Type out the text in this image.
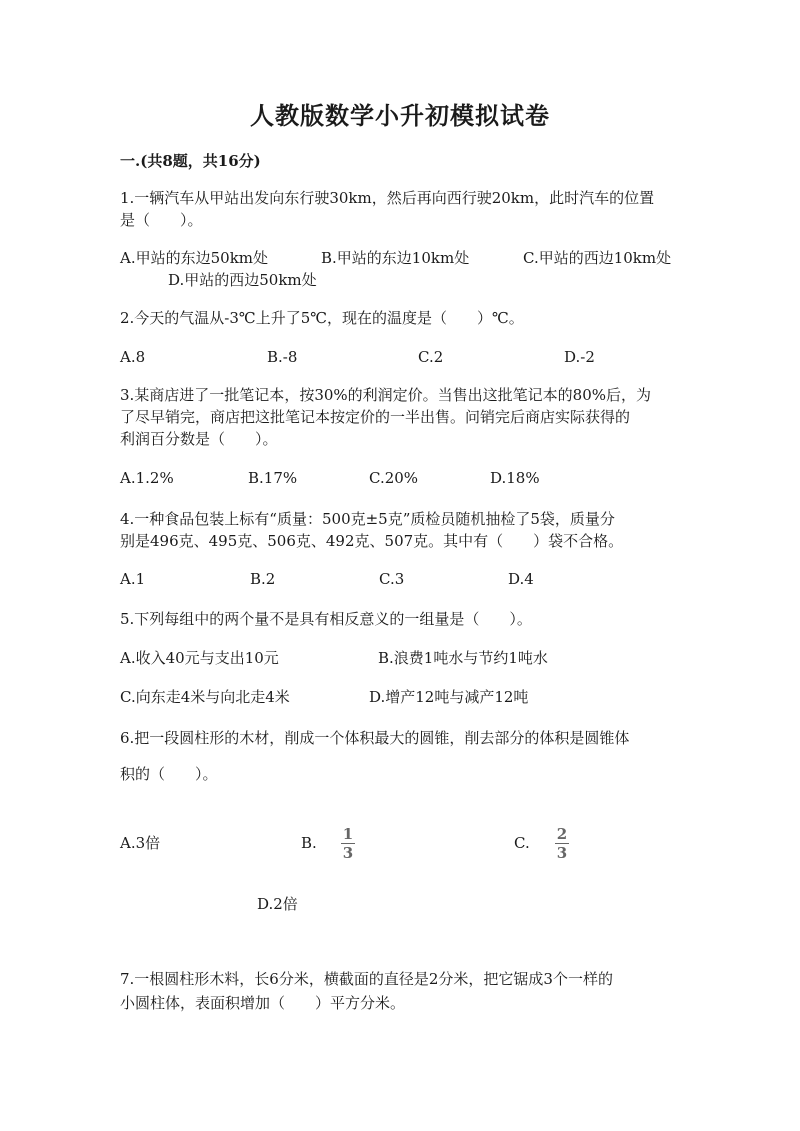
人教版数学小升初模拟试卷
一.(共8题，共16分)
1.一辆汽车从甲站出发向东行驶30km，然后再向西行驶20km，此时汽车的位置
是（　　）。
A.甲站的东边50km处	B.甲站的东边10km处	C.甲站的西边10km处
D.甲站的西边50km处
2.今天的气温从-3℃上升了5℃，现在的温度是（　　）℃。
A.8	B.-8	C.2	D.-2
3.某商店进了一批笔记本，按30%的利润定价。当售出这批笔记本的80%后，为
了尽早销完，商店把这批笔记本按定价的一半出售。问销完后商店实际获得的
利润百分数是（　　）。
A.1.2%	B.17%	C.20%	D.18%
4.一种食品包装上标有“质量：500克±5克”质检员随机抽检了5袋，质量分
别是496克、495克、506克、492克、507克。其中有（　　）袋不合格。
A.1	B.2	C.3	D.4
5.下列每组中的两个量不是具有相反意义的一组量是（　　）。
A.收入40元与支出10元	B.浪费1吨水与节约1吨水
C.向东走4米与向北走4米	D.增产12吨与减产12吨
6.把一段圆柱形的木材，削成一个体积最大的圆锥，削去部分的体积是圆锥体
积的（　　）。
A.3倍	B. $\frac{1}{3}$	C. $\frac{2}{3}$
D.2倍
7.一根圆柱形木料，长6分米，横截面的直径是2分米，把它锯成3个一样的
小圆柱体，表面积增加（　　）平方分米。
